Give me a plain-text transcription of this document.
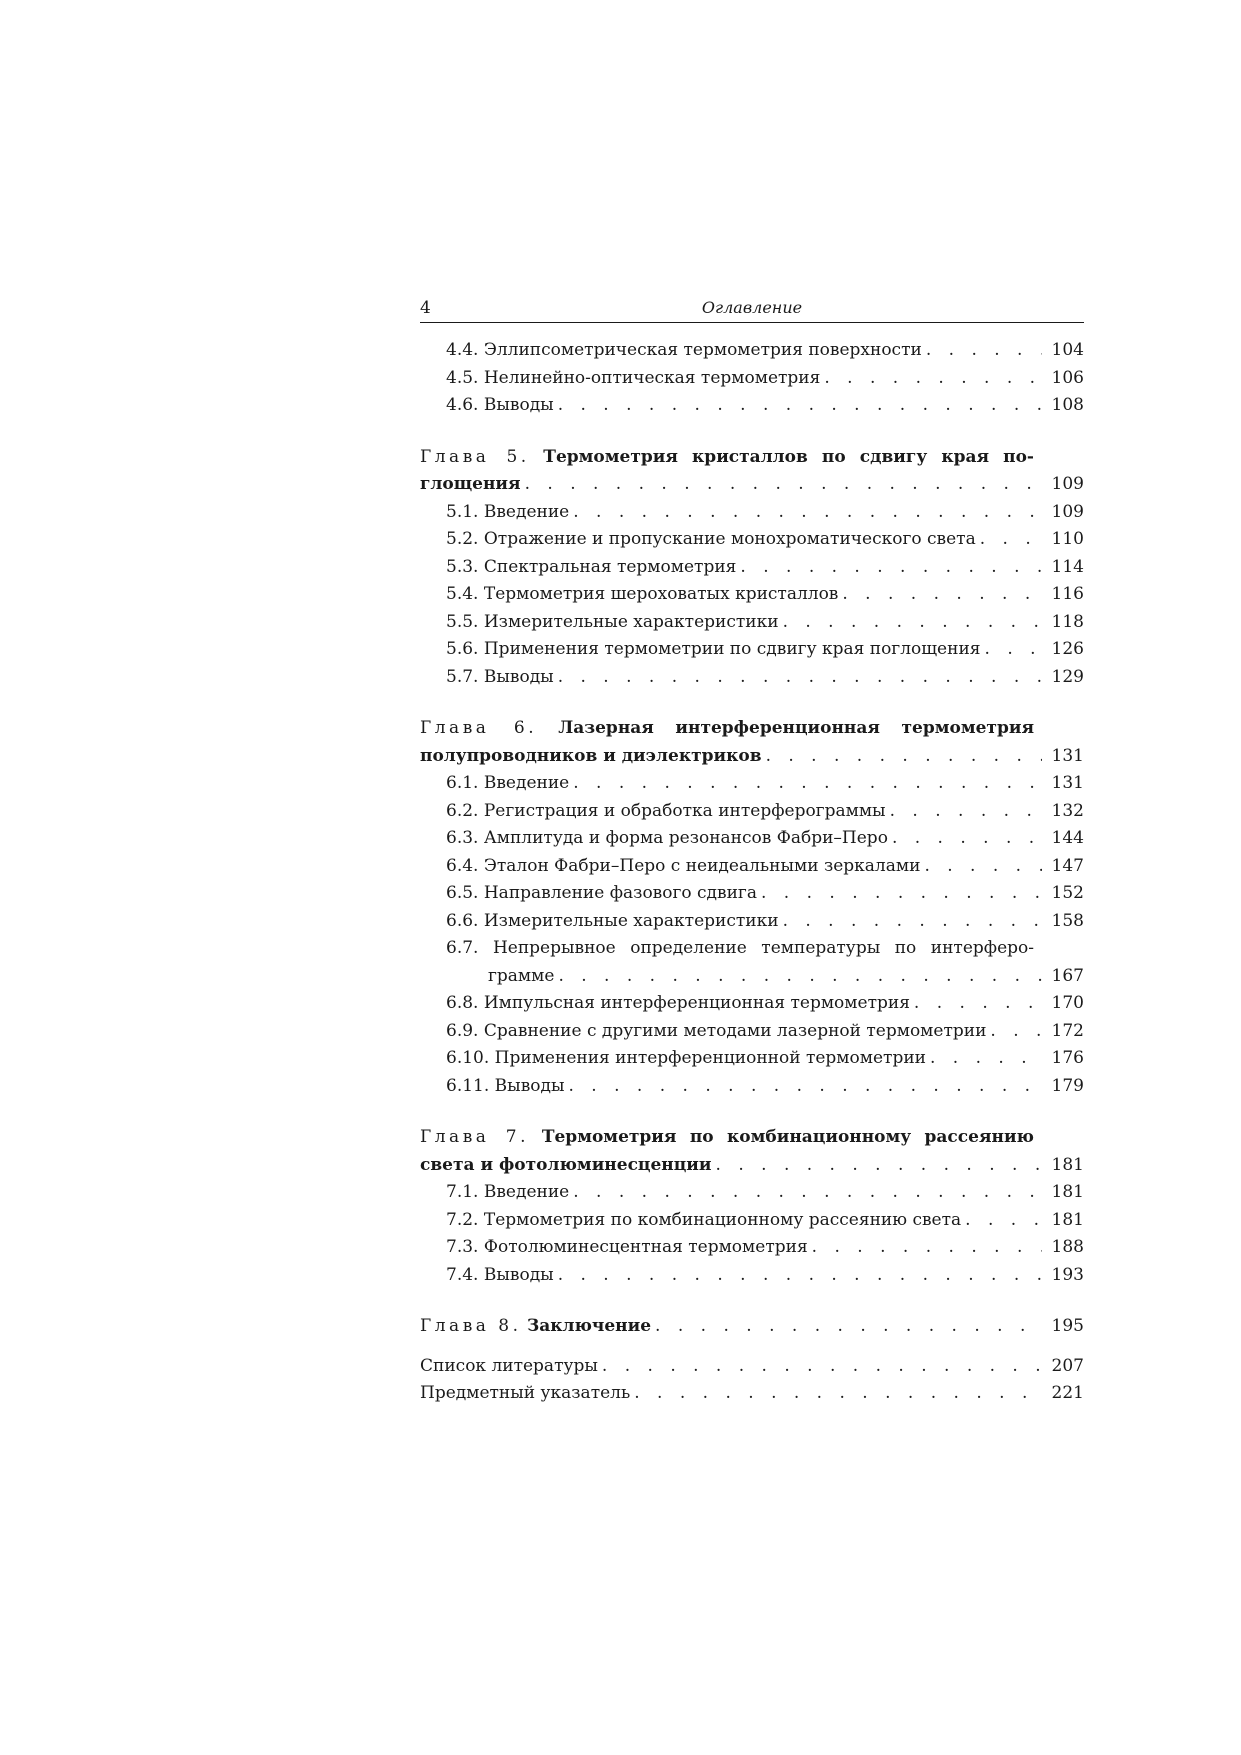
4	Оглавление
4.4. Эллипсометрическая термометрия поверхности . . .	104
4.5. Нелинейно-оптическая термометрия . . .	106
4.6. Выводы . . .	108
Глава 5. Термометрия кристаллов по сдвигу края по-
глощения . . .	109
5.1. Введение . . .	109
5.2. Отражение и пропускание монохроматического света . . .	110
5.3. Спектральная термометрия . . .	114
5.4. Термометрия шероховатых кристаллов . . .	116
5.5. Измерительные характеристики . . .	118
5.6. Применения термометрии по сдвигу края поглощения . . .	126
5.7. Выводы . . .	129
Глава 6. Лазерная интерференционная термометрия
полупроводников и диэлектриков . . .	131
6.1. Введение . . .	131
6.2. Регистрация и обработка интерферограммы . . .	132
6.3. Амплитуда и форма резонансов Фабри–Перо . . .	144
6.4. Эталон Фабри–Перо с неидеальными зеркалами . . .	147
6.5. Направление фазового сдвига . . .	152
6.6. Измерительные характеристики . . .	158
6.7. Непрерывное определение температуры по интерферо-
грамме . . .	167
6.8. Импульсная интерференционная термометрия . . .	170
6.9. Сравнение с другими методами лазерной термометрии . . .	172
6.10. Применения интерференционной термометрии . . .	176
6.11. Выводы . . .	179
Глава 7. Термометрия по комбинационному рассеянию
света и фотолюминесценции . . .	181
7.1. Введение . . .	181
7.2. Термометрия по комбинационному рассеянию света . . .	181
7.3. Фотолюминесцентная термометрия . . .	188
7.4. Выводы . . .	193
Глава 8. Заключение . . .	195
Список литературы . . .	207
Предметный указатель . . .	221
